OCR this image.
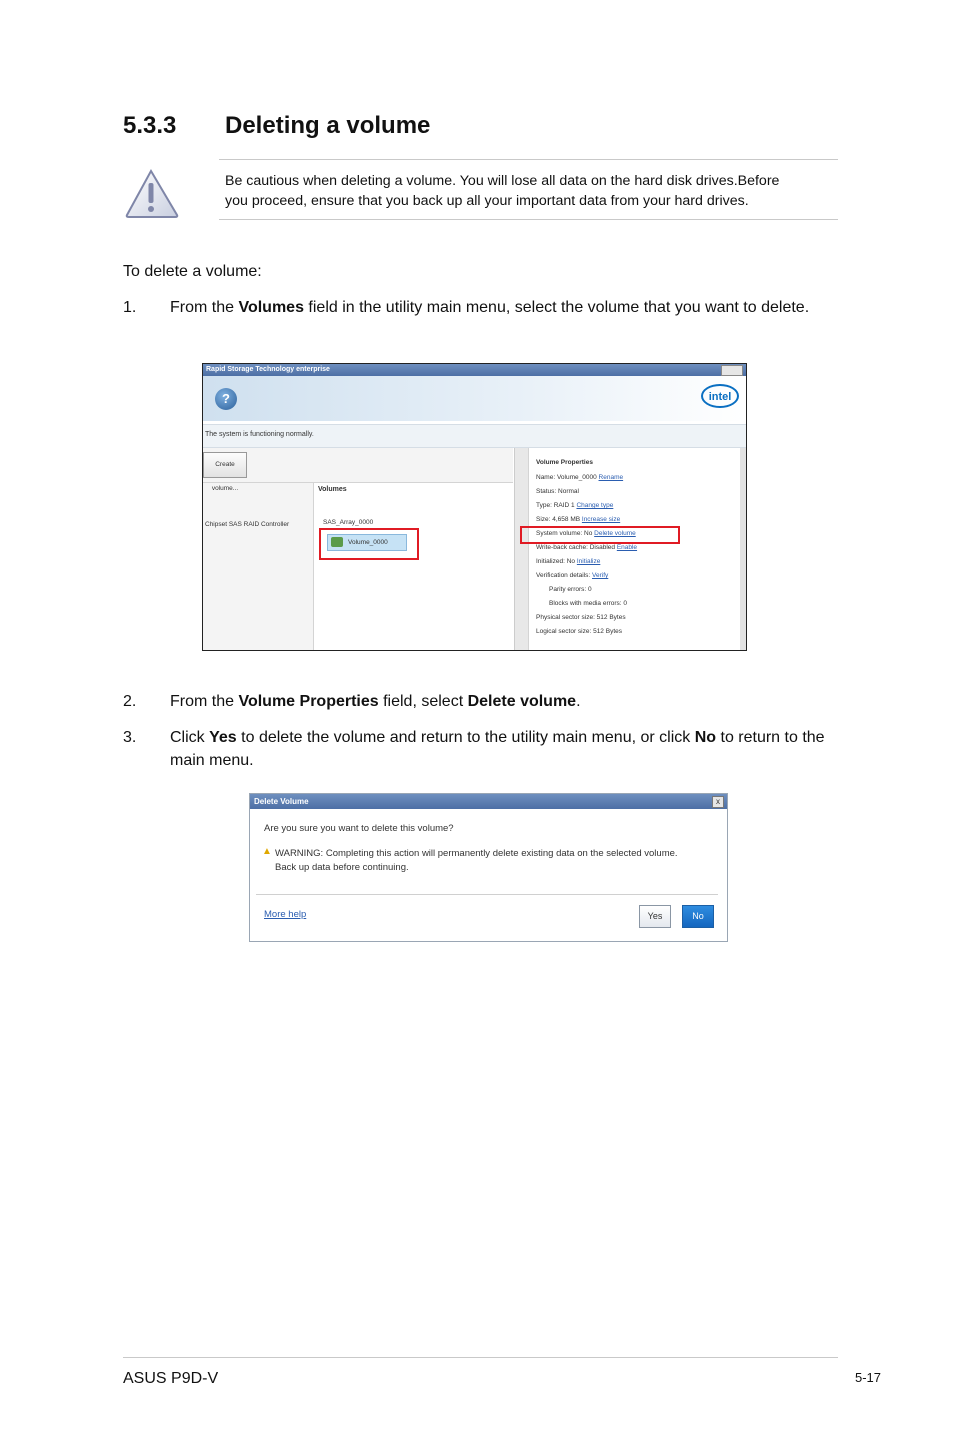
5.3.3 Deleting a volume
Be cautious when deleting a volume. You will lose all data on the hard disk drives.Before
you proceed, ensure that you back up all your important data from your hard drives.
To delete a volume:
1. From the Volumes field in the utility main menu, select the volume that you want to delete.
Rapid Storage Technology enterprise
?	intel
The system is functioning normally.
Create volume...
Chipset SAS RAID Controller
Volumes
SAS_Array_0000
Volume_0000
Volume Properties
Name: Volume_0000 Rename
Status: Normal
Type: RAID 1 Change type
Size: 4,658 MB Increase size
System volume: No Delete volume
Write-back cache: Disabled Enable
Initialized: No Initialize
Verification details: Verify
Parity errors: 0
Blocks with media errors: 0
Physical sector size: 512 Bytes
Logical sector size: 512 Bytes
2. From the Volume Properties field, select Delete volume.
3. Click Yes to delete the volume and return to the utility main menu, or click No to return to the main menu.
Delete Volume	x
Are you sure you want to delete this volume?
▲ WARNING: Completing this action will permanently delete existing data on the selected volume.
Back up data before continuing.
More help	Yes	No
ASUS P9D-V	5-17
